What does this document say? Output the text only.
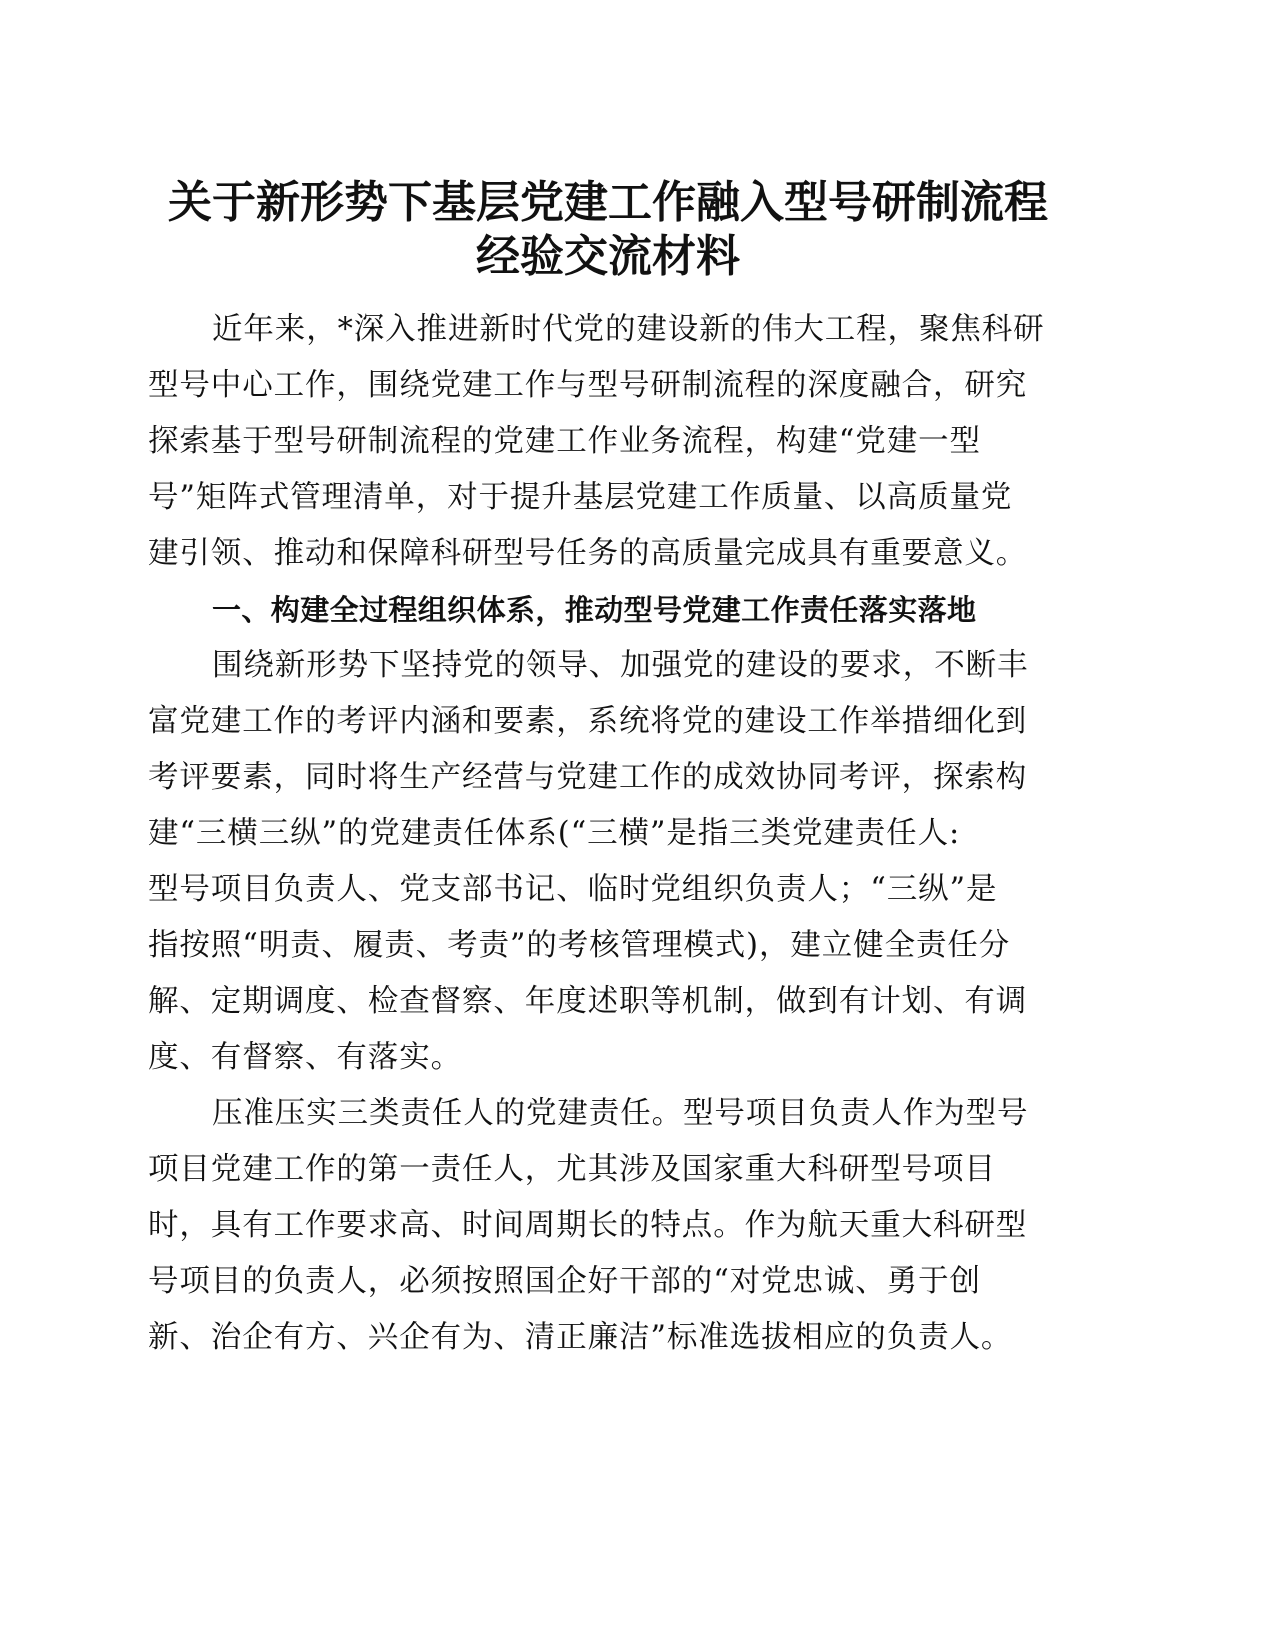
关于新形势下基层党建工作融入型号研制流程
经验交流材料

近年来，*深入推进新时代党的建设新的伟大工程，聚焦科研

型号中心工作，围绕党建工作与型号研制流程的深度融合，研究

探索基于型号研制流程的党建工作业务流程，构建“党建一型

号”矩阵式管理清单，对于提升基层党建工作质量、以高质量党

建引领、推动和保障科研型号任务的高质量完成具有重要意义。

一、构建全过程组织体系，推动型号党建工作责任落实落地

围绕新形势下坚持党的领导、加强党的建设的要求，不断丰

富党建工作的考评内涵和要素，系统将党的建设工作举措细化到

考评要素，同时将生产经营与党建工作的成效协同考评，探索构

建“三横三纵”的党建责任体系(“三横”是指三类党建责任人:

型号项目负责人、党支部书记、临时党组织负责人；“三纵”是

指按照“明责、履责、考责”的考核管理模式)，建立健全责任分

解、定期调度、检查督察、年度述职等机制，做到有计划、有调

度、有督察、有落实。

压准压实三类责任人的党建责任。型号项目负责人作为型号

项目党建工作的第一责任人，尤其涉及国家重大科研型号项目

时，具有工作要求高、时间周期长的特点。作为航天重大科研型

号项目的负责人，必须按照国企好干部的“对党忠诚、勇于创

新、治企有方、兴企有为、清正廉洁”标准选拔相应的负责人。
